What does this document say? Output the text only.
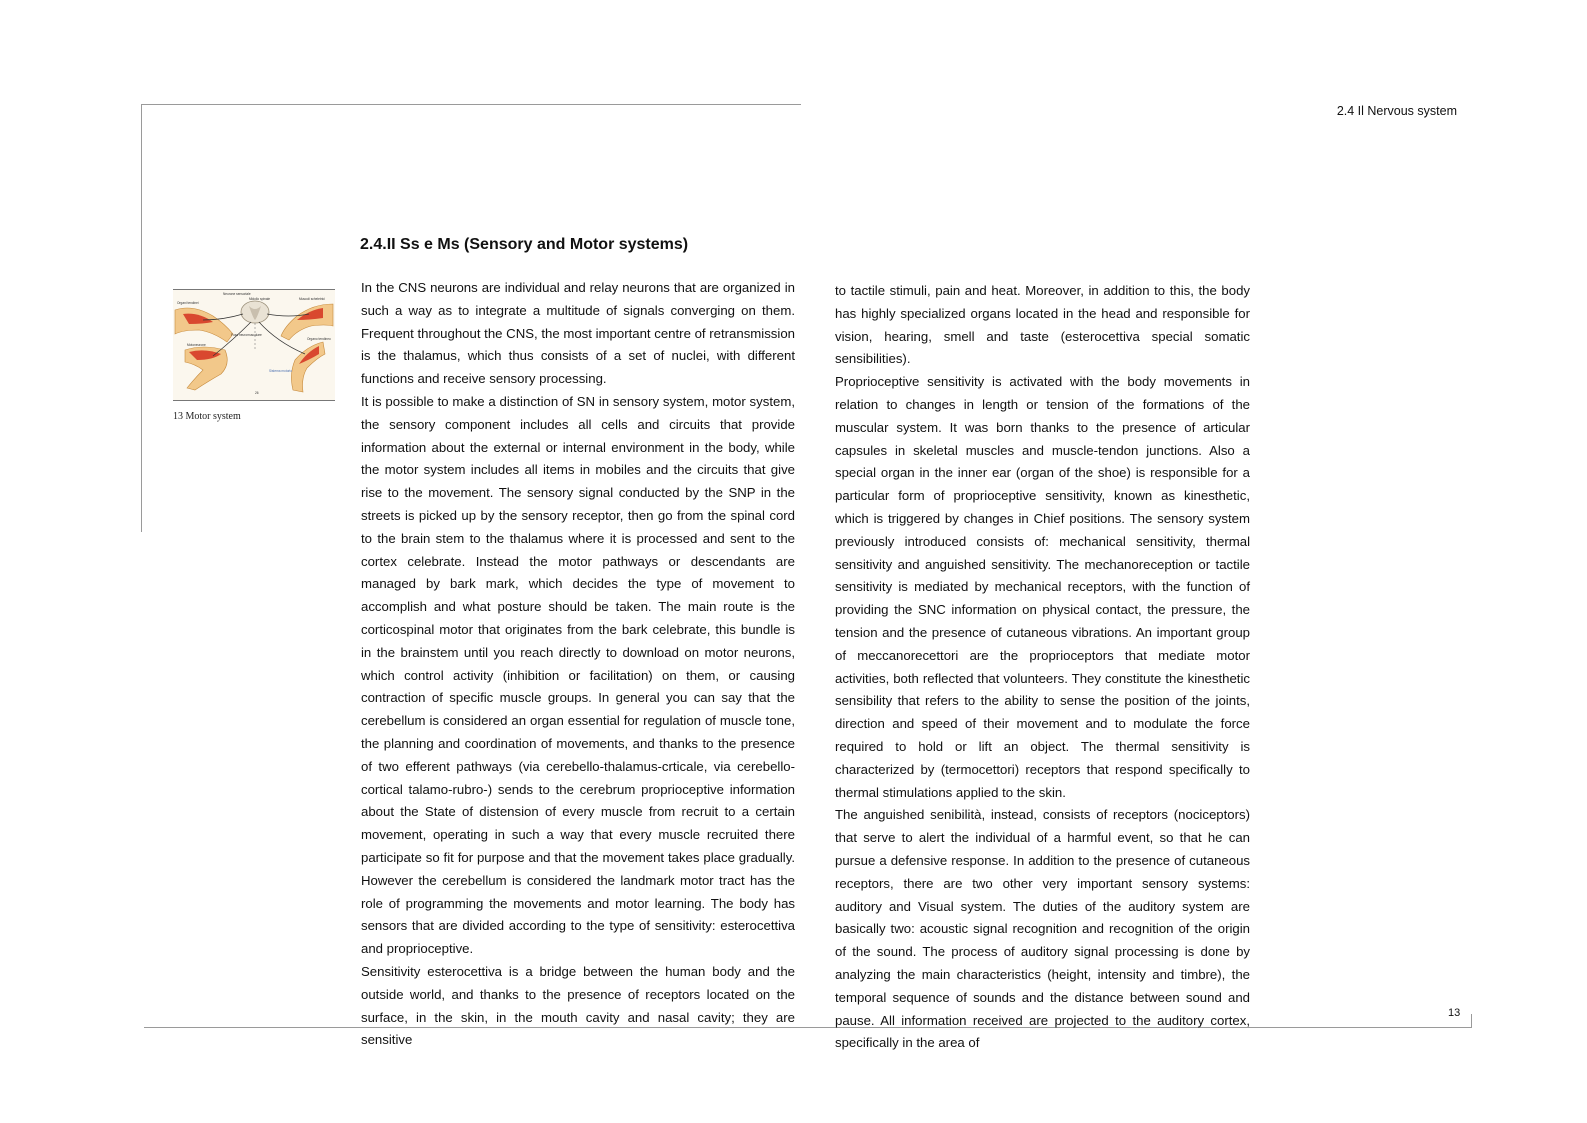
2.4 Il Nervous system
2.4.II Ss e Ms (Sensory and Motor systems)
Neurone sensoriale
Midollo spinale	Muscoli scheletrici
Organi tendinei
Fuso neuromuscolare
Motoneurone
Organo tendineo
Sistema motorio
26
13 Motor system

In the CNS neurons are individual and relay neurons that are organized in such a way as to integrate a multitude of signals converging on them. Frequent throughout the CNS, the most important centre of retransmission is the thalamus, which thus consists of a set of nuclei, with different functions and receive sensory processing.

It is possible to make a distinction of SN in sensory system, motor system, the sensory component includes all cells and circuits that provide information about the external or internal environment in the body, while the motor system includes all items in mobiles and the circuits that give rise to the movement. The sensory signal conducted by the SNP in the streets is picked up by the sensory receptor, then go from the spinal cord to the brain stem to the thalamus where it is processed and sent to the cortex celebrate. Instead the motor pathways or descendants are managed by bark mark, which decides the type of movement to accomplish and what posture should be taken. The main route is the corticospinal motor that originates from the bark celebrate, this bundle is in the brainstem until you reach directly to download on motor neurons, which control activity (inhibition or facilitation) on them, or causing contraction of specific muscle groups. In general you can say that the cerebellum is considered an organ essential for regulation of muscle tone, the planning and coordination of movements, and thanks to the presence of two efferent pathways (via cerebello-thalamus-crticale, via cerebello-cortical talamo-rubro-) sends to the cerebrum proprioceptive information about the State of distension of every muscle from recruit to a certain movement, operating in such a way that every muscle recruited there participate so fit for purpose and that the movement takes place gradually. However the cerebellum is considered the landmark motor tract has the role of programming the movements and motor learning. The body has sensors that are divided according to the type of sensitivity: esterocettiva and proprioceptive.

Sensitivity esterocettiva is a bridge between the human body and the outside world, and thanks to the presence of receptors located on the surface, in the skin, in the mouth cavity and nasal cavity; they are sensitive

to tactile stimuli, pain and heat. Moreover, in addition to this, the body has highly specialized organs located in the head and responsible for vision, hearing, smell and taste (esterocettiva special somatic sensibilities).

Proprioceptive sensitivity is activated with the body movements in relation to changes in length or tension of the formations of the muscular system. It was born thanks to the presence of articular capsules in skeletal muscles and muscle-tendon junctions. Also a special organ in the inner ear (organ of the shoe) is responsible for a particular form of proprioceptive sensitivity, known as kinesthetic, which is triggered by changes in Chief positions. The sensory system previously introduced consists of: mechanical sensitivity, thermal sensitivity and anguished sensitivity. The mechanoreception or tactile sensitivity is mediated by mechanical receptors, with the function of providing the SNC information on physical contact, the pressure, the tension and the presence of cutaneous vibrations. An important group of meccanorecettori are the proprioceptors that mediate motor activities, both reflected that volunteers. They constitute the kinesthetic sensibility that refers to the ability to sense the position of the joints, direction and speed of their movement and to modulate the force required to hold or lift an object. The thermal sensitivity is characterized by (termocettori) receptors that respond specifically to thermal stimulations applied to the skin.

The anguished senibilità, instead, consists of receptors (nociceptors) that serve to alert the individual of a harmful event, so that he can pursue a defensive response. In addition to the presence of cutaneous receptors, there are two other very important sensory systems: auditory and Visual system. The duties of the auditory system are basically two: acoustic signal recognition and recognition of the origin of the sound. The process of auditory signal processing is done by analyzing the main characteristics (height, intensity and timbre), the temporal sequence of sounds and the distance between sound and pause. All information received are projected to the auditory cortex, specifically in the area of

13
